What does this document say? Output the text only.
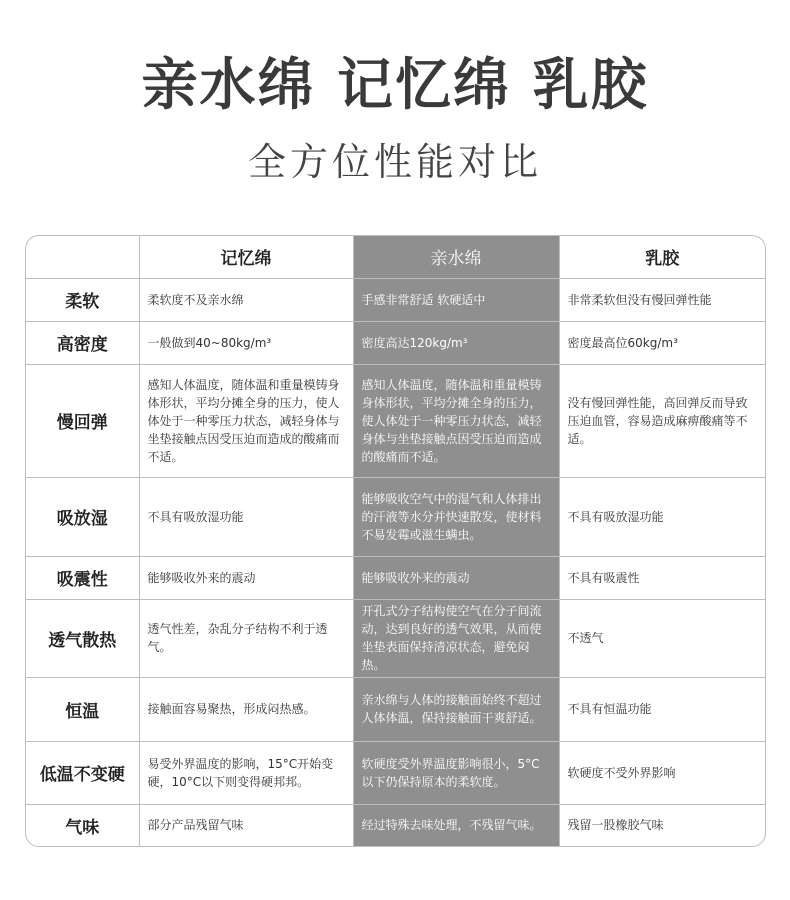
亲水绵 记忆绵 乳胶
全方位性能对比
	记忆绵	亲水绵	乳胶
柔软	柔软度不及亲水绵	手感非常舒适 软硬适中	非常柔软但没有慢回弹性能
高密度	一般做到40~80kg/m³	密度高达120kg/m³	密度最高位60kg/m³
慢回弹	感知人体温度，随体温和重量模铸身体形状，平均分摊全身的压力，使人体处于一种零压力状态，减轻身体与坐垫接触点因受压迫而造成的酸痛而不适。	感知人体温度，随体温和重量模铸身体形状，平均分摊全身的压力，使人体处于一种零压力状态，减轻身体与坐垫接触点因受压迫而造成的酸痛而不适。	没有慢回弹性能，高回弹反而导致压迫血管，容易造成麻痹酸痛等不适。
吸放湿	不具有吸放湿功能	能够吸收空气中的湿气和人体排出的汗液等水分并快速散发，使材料不易发霉或滋生螨虫。	不具有吸放湿功能
吸震性	能够吸收外来的震动	能够吸收外来的震动	不具有吸震性
透气散热	透气性差，杂乱分子结构不利于透气。	开孔式分子结构使空气在分子间流动，达到良好的透气效果，从而使坐垫表面保持清凉状态，避免闷热。	不透气
恒温	接触面容易聚热，形成闷热感。	亲水绵与人体的接触面始终不超过人体体温，保持接触面干爽舒适。	不具有恒温功能
低温不变硬	易受外界温度的影响，15°C开始变硬，10°C以下则变得硬邦邦。	软硬度受外界温度影响很小，5°C以下仍保持原本的柔软度。	软硬度不受外界影响
气味	部分产品残留气味	经过特殊去味处理，不残留气味。	残留一股橡胶气味
